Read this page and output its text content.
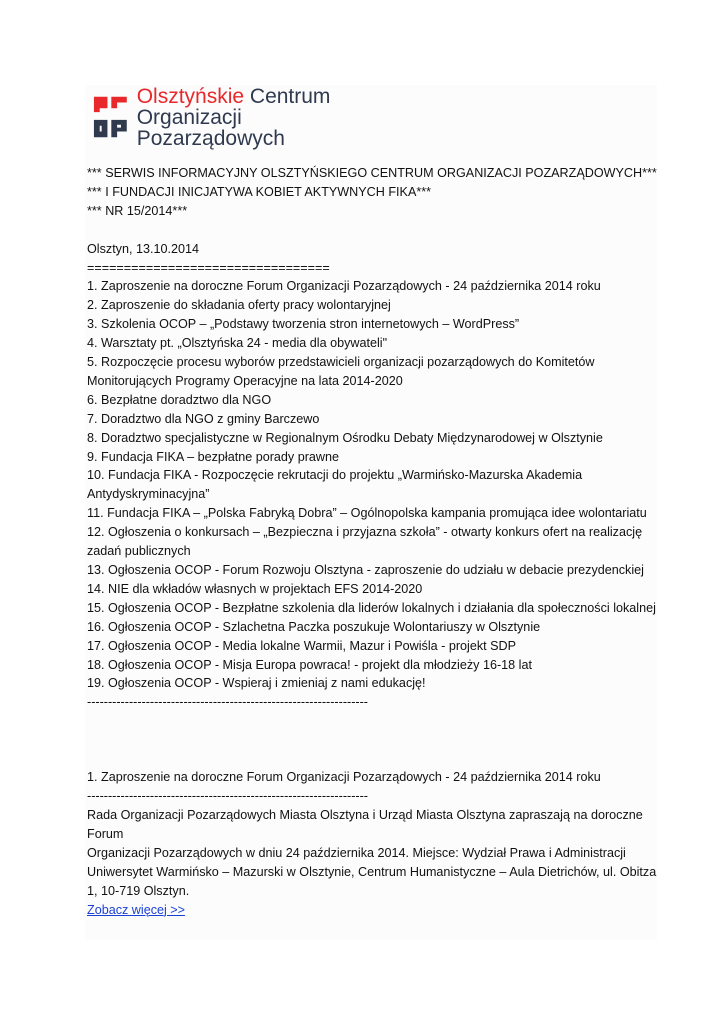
Olsztyńskie Centrum
Organizacji Pozarządowych

*** SERWIS INFORMACYJNY OLSZTYŃSKIEGO CENTRUM ORGANIZACJI POZARZĄDOWYCH***

*** I FUNDACJI INICJATYWA KOBIET AKTYWNYCH FIKA***

*** NR 15/2014***

Olsztyn, 13.10.2014

=================================

1. Zaproszenie na doroczne Forum Organizacji Pozarządowych - 24 października 2014 roku

2. Zaproszenie do składania oferty pracy wolontaryjnej

3. Szkolenia OCOP – „Podstawy tworzenia stron internetowych – WordPress”

4. Warsztaty pt. „Olsztyńska 24 - media dla obywateli"

5. Rozpoczęcie procesu wyborów przedstawicieli organizacji pozarządowych do Komitetów

Monitorujących Programy Operacyjne na lata 2014-2020

6. Bezpłatne doradztwo dla NGO

7. Doradztwo dla NGO z gminy Barczewo

8. Doradztwo specjalistyczne w Regionalnym Ośrodku Debaty Międzynarodowej w Olsztynie

9. Fundacja FIKA – bezpłatne porady prawne

10. Fundacja FIKA - Rozpoczęcie rekrutacji do projektu „Warmińsko-Mazurska Akademia

Antydyskryminacyjna”

11. Fundacja FIKA – „Polska Fabryką Dobra” – Ogólnopolska kampania promująca idee wolontariatu

12. Ogłoszenia o konkursach – „Bezpieczna i przyjazna szkoła” - otwarty konkurs ofert na realizację

zadań publicznych

13. Ogłoszenia OCOP - Forum Rozwoju Olsztyna - zaproszenie do udziału w debacie prezydenckiej

14. NIE dla wkładów własnych w projektach EFS 2014-2020

15. Ogłoszenia OCOP - Bezpłatne szkolenia dla liderów lokalnych i działania dla społeczności lokalnej

16. Ogłoszenia OCOP - Szlachetna Paczka poszukuje Wolontariuszy w Olsztynie

17. Ogłoszenia OCOP - Media lokalne Warmii, Mazur i Powiśla - projekt SDP

18. Ogłoszenia OCOP - Misja Europa powraca! - projekt dla młodzieży 16-18 lat

19. Ogłoszenia OCOP - Wspieraj i zmieniaj z nami edukację!

-------------------------------------------------------------------

1. Zaproszenie na doroczne Forum Organizacji Pozarządowych - 24 października 2014 roku

-------------------------------------------------------------------

Rada Organizacji Pozarządowych Miasta Olsztyna i Urząd Miasta Olsztyna zapraszają na doroczne Forum

Organizacji Pozarządowych w dniu 24 października 2014. Miejsce: Wydział Prawa i Administracji

Uniwersytet Warmińsko – Mazurski w Olsztynie, Centrum Humanistyczne – Aula Dietrichów, ul. Obitza

1, 10-719 Olsztyn.

Zobacz więcej >>
